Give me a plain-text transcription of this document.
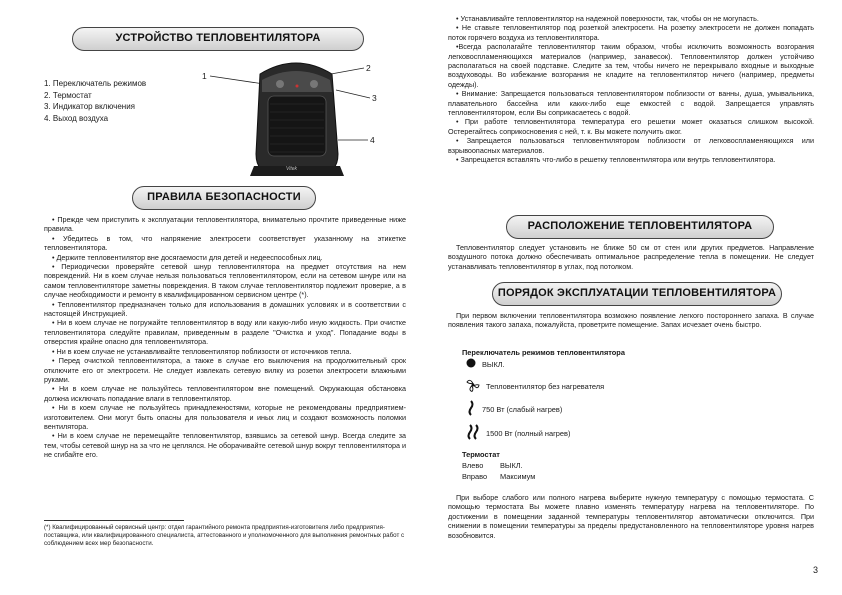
УСТРОЙСТВО ТЕПЛОВЕНТИЛЯТОРА
1. Переключатель режимов
2. Термостат
3. Индикатор включения
4. Выход воздуха
1
2
3
4
Vitek
ПРАВИЛА БЕЗОПАСНОСТИ

• Прежде чем приступить к эксплуатации тепловентилятора, внимательно прочтите приведенные ниже правила.

• Убедитесь в том, что напряжение электросети соответствует указанному на этикетке тепловентилятора.

• Держите тепловентилятор вне досягаемости для детей и недееспособных лиц.

• Периодически проверяйте сетевой шнур тепловентилятора на предмет отсутствия на нем повреждений. Ни в коем случае нельзя пользоваться тепловентилятором, если на сетевом шнуре или на самом тепловентиляторе заметны повреждения. В таком случае тепловентилятор подлежит проверке, а в случае необходимости и ремонту в квалифицированном сервисном центре (*).

• Тепловентилятор предназначен только для использования в домашних условиях и в соответствии с настоящей Инструкцией.

• Ни в коем случае не погружайте тепловентилятор в воду или какую-либо иную жидкость. При очистке тепловентилятора следуйте правилам, приведенным в разделе "Очистка и уход". Попадание воды в отверстия крайне опасно для тепловентилятора.

• Ни в коем случае не устанавливайте тепловентилятор поблизости от источников тепла.

• Перед очисткой тепловентилятора, а также в случае его выключения на продолжительный срок отключите его от электросети. Не следует извлекать сетевую вилку из розетки электросети влажными руками.

• Ни в коем случае не пользуйтесь тепловентилятором вне помещений. Окружающая обстановка должна исключать попадание влаги в тепловентилятор.

• Ни в коем случае не пользуйтесь принадлежностями, которые не рекомендованы предприятием-изготовителем. Они могут быть опасны для пользователя и иных лиц и создают возможность поломки вентилятора.

• Ни в коем случае не перемещайте тепловентилятор, взявшись за сетевой шнур. Всегда следите за тем, чтобы сетевой шнур на за что не цеплялся. Не оборачивайте сетевой шнур вокруг тепловентилятора и не сгибайте его.

(*) Квалифицированный сервисный центр: отдел гарантийного ремонта предприятия-изготовителя либо предприятия-поставщика, или квалифицированного специалиста, аттестованного и уполномоченного для выполнения ремонтных работ с соблюдением всех мер безопасности.

• Устанавливайте тепловентилятор на надежной поверхности, так, чтобы он не могупасть.

• Не ставьте тепловентилятор под розеткой электросети. На розетку электросети не должен попадать поток горячего воздуха из тепловентилятора.

•Всегда располагайте тепловентилятор таким образом, чтобы исключить возможность возгорания легковоспламеняющихся материалов (например, занавесок). Тепловентилятор должен устойчиво располагаться на своей подставке. Следите за тем, чтобы ничего не перекрывало входные и выходные воздуховоды. Во избежание возгорания не кладите на тепловентилятор ничего (например, предметы одежды).

• Внимание: Запрещается пользоваться тепловентилятором поблизости от ванны, душа, умывальника, плавательного бассейна или каких-либо еще емкостей с водой. Запрещается управлять тепловентилятором, если Вы соприкасаетесь с водой.

• При работе тепловентилятора температура его решетки может оказаться слишком высокой. Остерегайтесь соприкосновения с ней, т. к. Вы можете получить ожог.

• Запрещается пользоваться тепловентилятором поблизости от легковоспламеняющихся или взрывоопасных материалов.

• Запрещается вставлять что-либо в решетку тепловентилятора или внутрь тепловентилятора.

РАСПОЛОЖЕНИЕ ТЕПЛОВЕНТИЛЯТОРА

Тепловентилятор следует установить не ближе 50 см от стен или других предметов. Направление воздушного потока должно обеспечивать оптимальное распределение тепла в помещении. Не следует устанавливать тепловентилятор в углах, под потолком.

ПОРЯДОК ЭКСПЛУАТАЦИИ ТЕПЛОВЕНТИЛЯТОРА

При первом включении тепловентилятора возможно появление легкого постороннего запаха. В случае появления такого запаха, пожалуйста, проветрите помещение. Запах исчезает очень быстро.

Переключатель режимов тепловентилятора
ВЫКЛ.
Тепловентилятор без нагревателя
750 Вт (слабый нагрев)
1500 Вт (полный нагрев)
Термостат
Влево ВЫКЛ.
Вправо Максимум

При выборе слабого или полного нагрева выберите нужную температуру с помощью термостата. С помощью термостата Вы можете плавно изменять температуру нагрева на тепловентиляторе. По достижении в помещении заданной температуры тепловентилятор автоматически отключится. При снижении в помещении температуры за пределы предустановленного на тепловентиляторе уровня нагрев возобновится.

3
